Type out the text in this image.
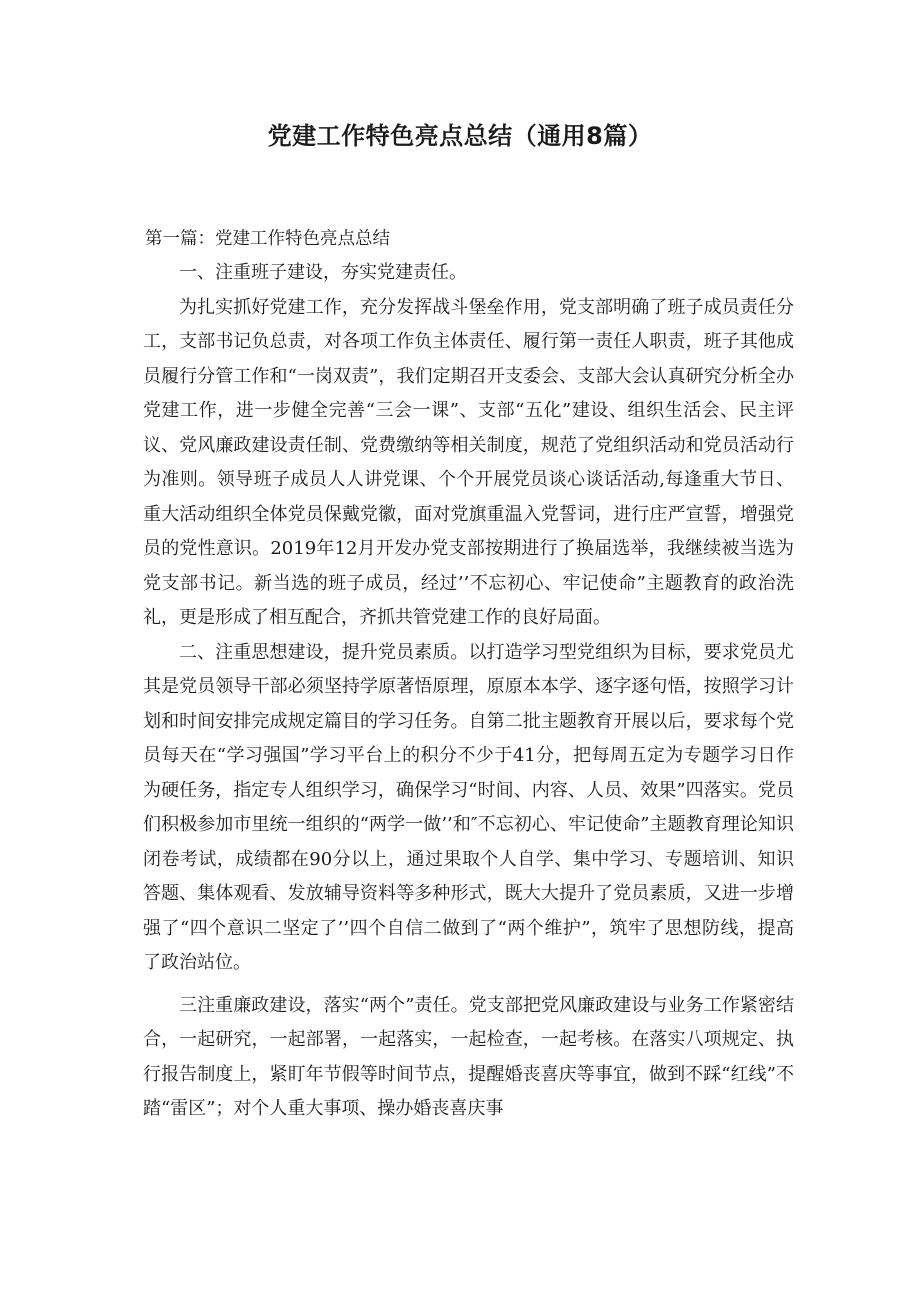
党建工作特色亮点总结（通用8篇）
第一篇：党建工作特色亮点总结

一、注重班子建设，夯实党建责任。

为扎实抓好党建工作，充分发挥战斗堡垒作用，党支部明确了班子成员责任分工，支部书记负总责，对各项工作负主体责任、履行第一责任人职责，班子其他成员履行分管工作和“一岗双责”，我们定期召开支委会、支部大会认真研究分析全办党建工作，进一步健全完善“三会一课”、支部“五化”建设、组织生活会、民主评议、党风廉政建设责任制、党费缴纳等相关制度，规范了党组织活动和党员活动行为准则。领导班子成员人人讲党课、个个开展党员谈心谈话活动,每逢重大节日、重大活动组织全体党员保戴党徽，面对党旗重温入党誓词，进行庄严宣誓，增强党员的党性意识。2019年12月开发办党支部按期进行了换届选举，我继续被当选为党支部书记。新当选的班子成员，经过’’不忘初心、牢记使命”主题教育的政治洗礼，更是形成了相互配合，齐抓共管党建工作的良好局面。

二、注重思想建设，提升党员素质。以打造学习型党组织为目标，要求党员尤其是党员领导干部必须坚持学原著悟原理，原原本本学、逐字逐句悟，按照学习计划和时间安排完成规定篇目的学习任务。自第二批主题教育开展以后，要求每个党员每天在“学习强国”学习平台上的积分不少于41分，把每周五定为专题学习日作为硬任务，指定专人组织学习，确保学习“时间、内容、人员、效果”四落实。党员们积极参加市里统一组织的“两学一做’’和″不忘初心、牢记使命”主题教育理论知识闭卷考试，成绩都在90分以上，通过果取个人自学、集中学习、专题培训、知识答题、集体观看、发放辅导资料等多种形式，既大大提升了党员素质，又进一步增强了“四个意识二坚定了’’四个自信二做到了“两个维护”，筑牢了思想防线，提高了政治站位。

三注重廉政建设，落实“两个”责任。党支部把党风廉政建设与业务工作紧密结合，一起研究，一起部署，一起落实，一起检查，一起考核。在落实八项规定、执行报告制度上，紧盯年节假等时间节点，提醒婚丧喜庆等事宜，做到不踩“红线”不踏“雷区”；对个人重大事项、操办婚丧喜庆事
